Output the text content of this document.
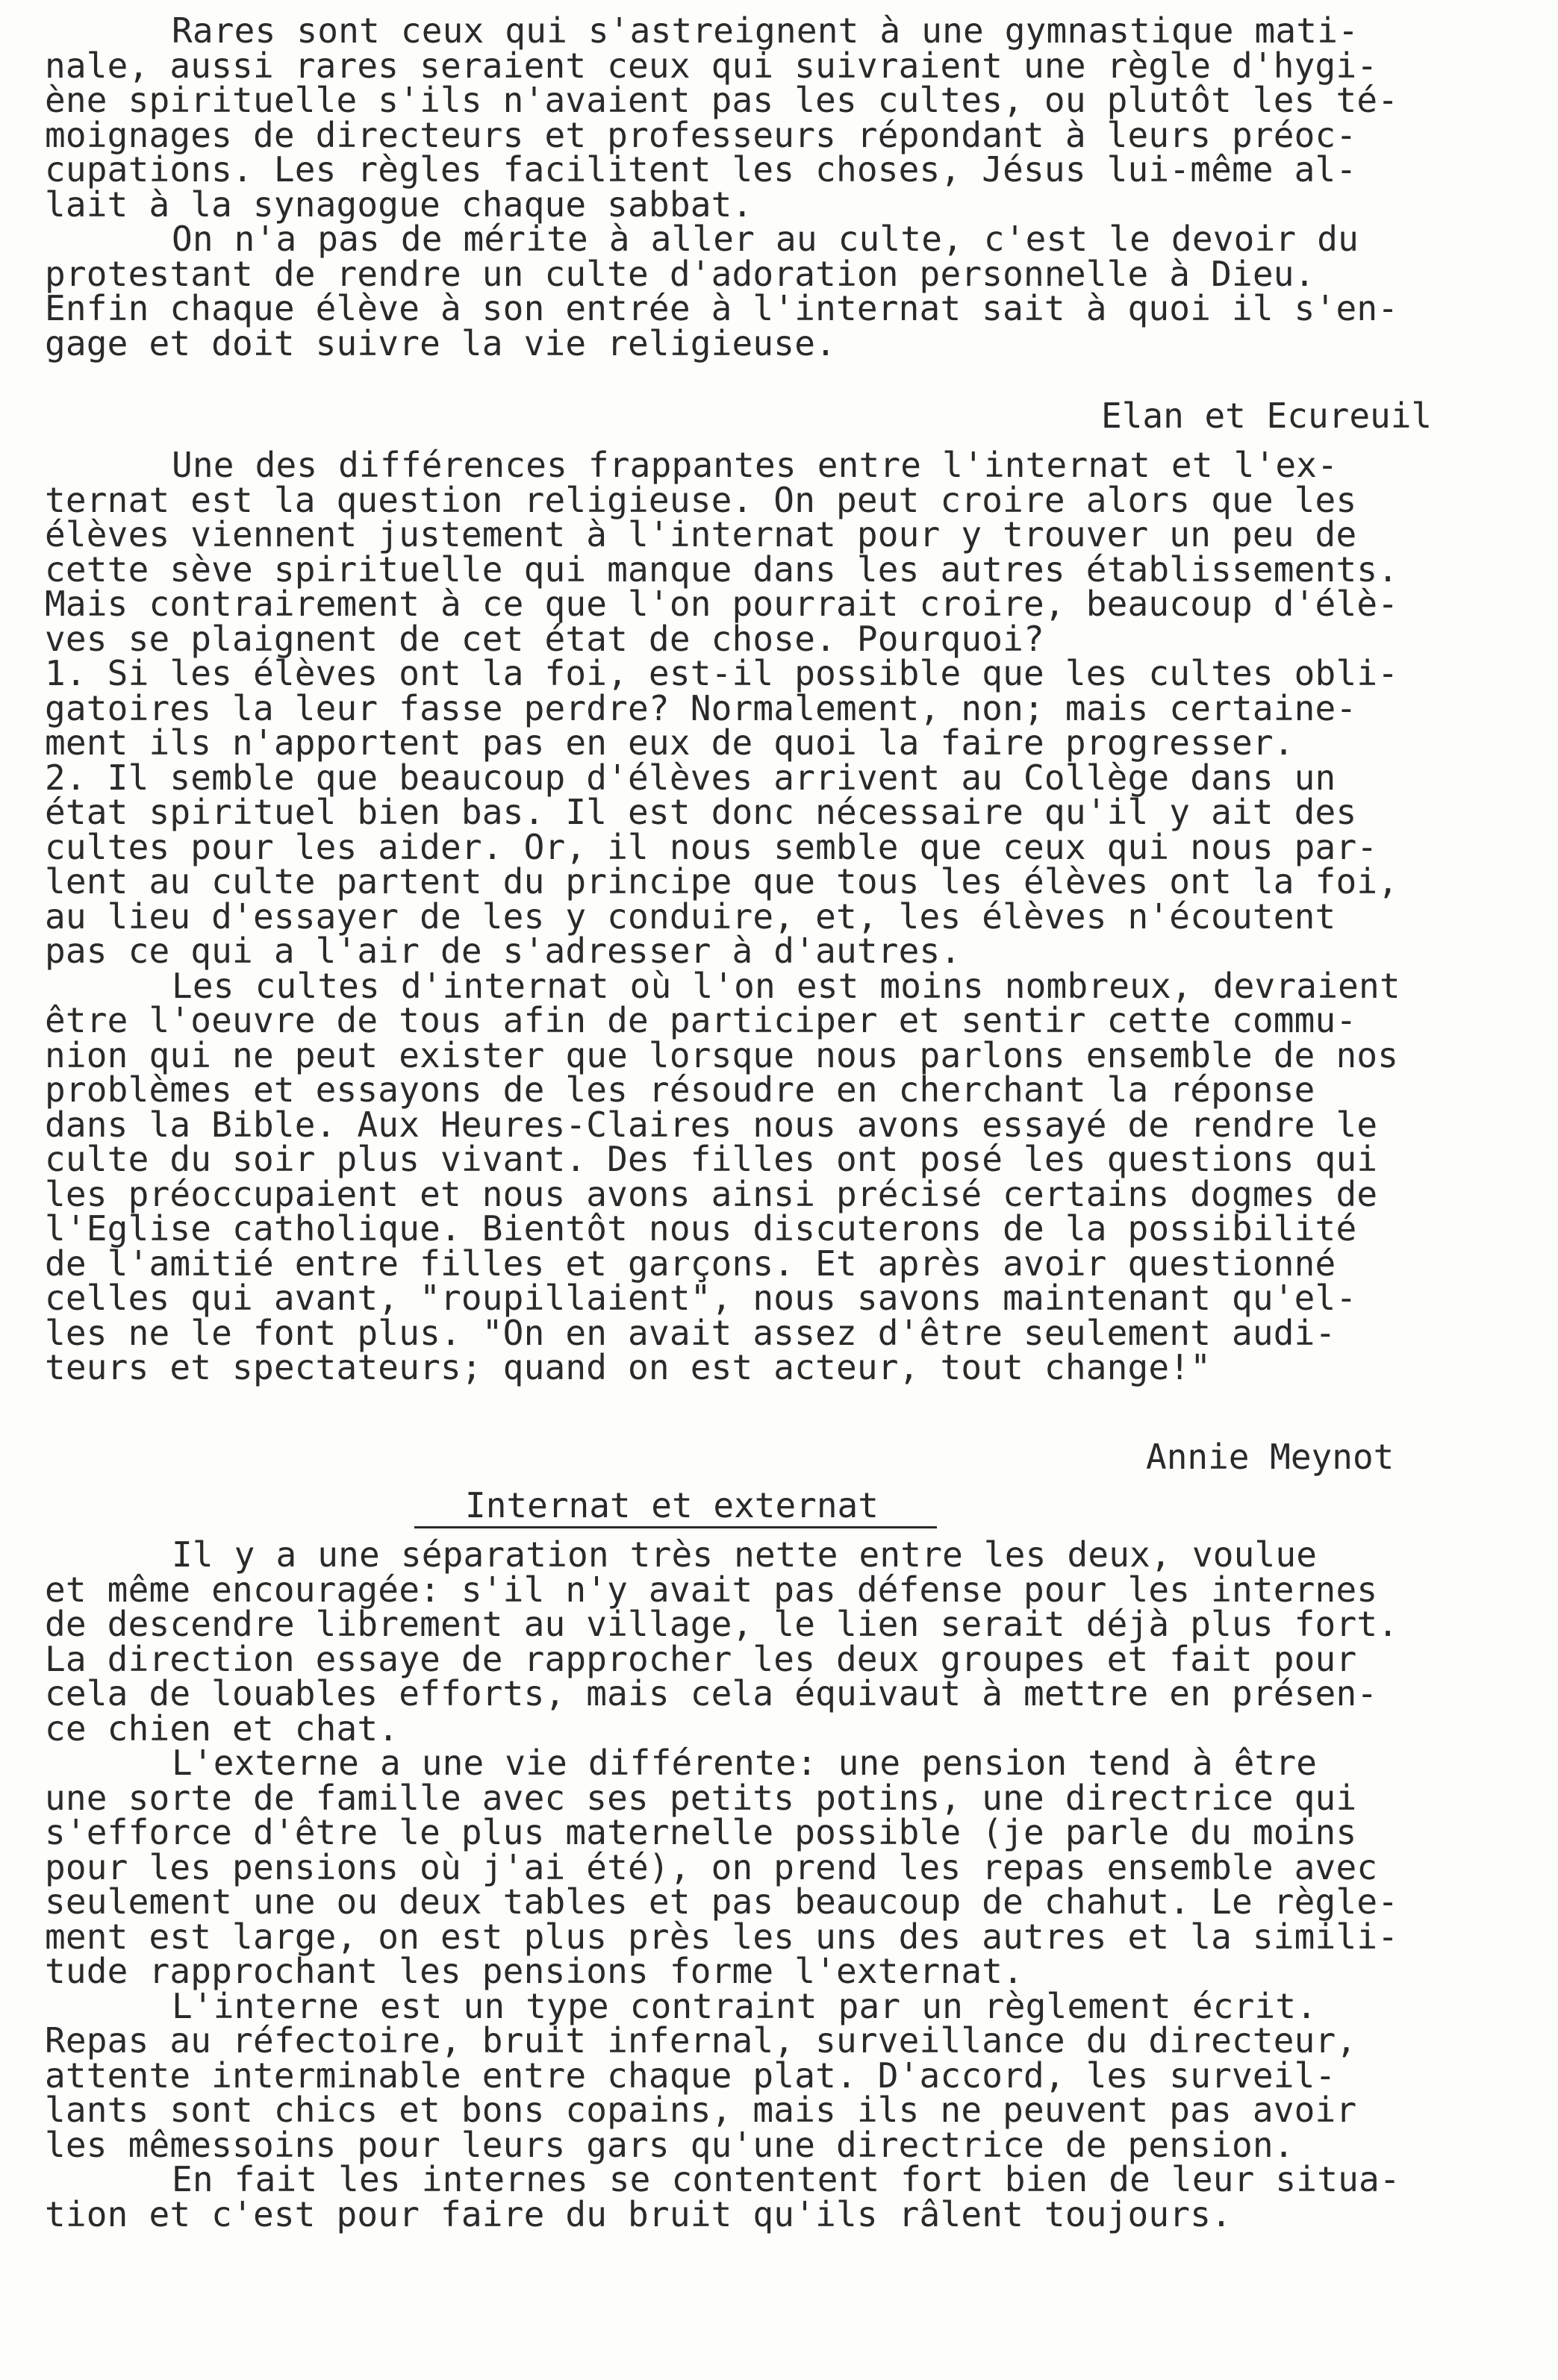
Rares sont ceux qui s'astreignent à une gymnastique mati-
nale, aussi rares seraient ceux qui suivraient une règle d'hygi-
ène spirituelle s'ils n'avaient pas les cultes, ou plutôt les té-
moignages de directeurs et professeurs répondant à leurs préoc-
cupations. Les règles facilitent les choses, Jésus lui-même al-
lait à la synagogue chaque sabbat.
On n'a pas de mérite à aller au culte, c'est le devoir du
protestant de rendre un culte d'adoration personnelle à Dieu.
Enfin chaque élève à son entrée à l'internat sait à quoi il s'en-
gage et doit suivre la vie religieuse.
Elan et Ecureuil
Une des différences frappantes entre l'internat et l'ex-
ternat est la question religieuse. On peut croire alors que les
élèves viennent justement à l'internat pour y trouver un peu de
cette sève spirituelle qui manque dans les autres établissements.
Mais contrairement à ce que l'on pourrait croire, beaucoup d'élè-
ves se plaignent de cet état de chose. Pourquoi?
1. Si les élèves ont la foi, est-il possible que les cultes obli-
gatoires la leur fasse perdre? Normalement, non; mais certaine-
ment ils n'apportent pas en eux de quoi la faire progresser.
2. Il semble que beaucoup d'élèves arrivent au Collège dans un
état spirituel bien bas. Il est donc nécessaire qu'il y ait des
cultes pour les aider. Or, il nous semble que ceux qui nous par-
lent au culte partent du principe que tous les élèves ont la foi,
au lieu d'essayer de les y conduire, et, les élèves n'écoutent
pas ce qui a l'air de s'adresser à d'autres.
Les cultes d'internat où l'on est moins nombreux, devraient
être l'oeuvre de tous afin de participer et sentir cette commu-
nion qui ne peut exister que lorsque nous parlons ensemble de nos
problèmes et essayons de les résoudre en cherchant la réponse
dans la Bible. Aux Heures-Claires nous avons essayé de rendre le
culte du soir plus vivant. Des filles ont posé les questions qui
les préoccupaient et nous avons ainsi précisé certains dogmes de
l'Eglise catholique. Bientôt nous discuterons de la possibilité
de l'amitié entre filles et garçons. Et après avoir questionné
celles qui avant, "roupillaient", nous savons maintenant qu'el-
les ne le font plus. "On en avait assez d'être seulement audi-
teurs et spectateurs; quand on est acteur, tout change!"
Annie Meynot
Internat et externat
Il y a une séparation très nette entre les deux, voulue
et même encouragée: s'il n'y avait pas défense pour les internes
de descendre librement au village, le lien serait déjà plus fort.
La direction essaye de rapprocher les deux groupes et fait pour
cela de louables efforts, mais cela équivaut à mettre en présen-
ce chien et chat.
L'externe a une vie différente: une pension tend à être
une sorte de famille avec ses petits potins, une directrice qui
s'efforce d'être le plus maternelle possible (je parle du moins
pour les pensions où j'ai été), on prend les repas ensemble avec
seulement une ou deux tables et pas beaucoup de chahut. Le règle-
ment est large, on est plus près les uns des autres et la simili-
tude rapprochant les pensions forme l'externat.
L'interne est un type contraint par un règlement écrit.
Repas au réfectoire, bruit infernal, surveillance du directeur,
attente interminable entre chaque plat. D'accord, les surveil-
lants sont chics et bons copains, mais ils ne peuvent pas avoir
les mêmessoins pour leurs gars qu'une directrice de pension.
En fait les internes se contentent fort bien de leur situa-
tion et c'est pour faire du bruit qu'ils râlent toujours.
